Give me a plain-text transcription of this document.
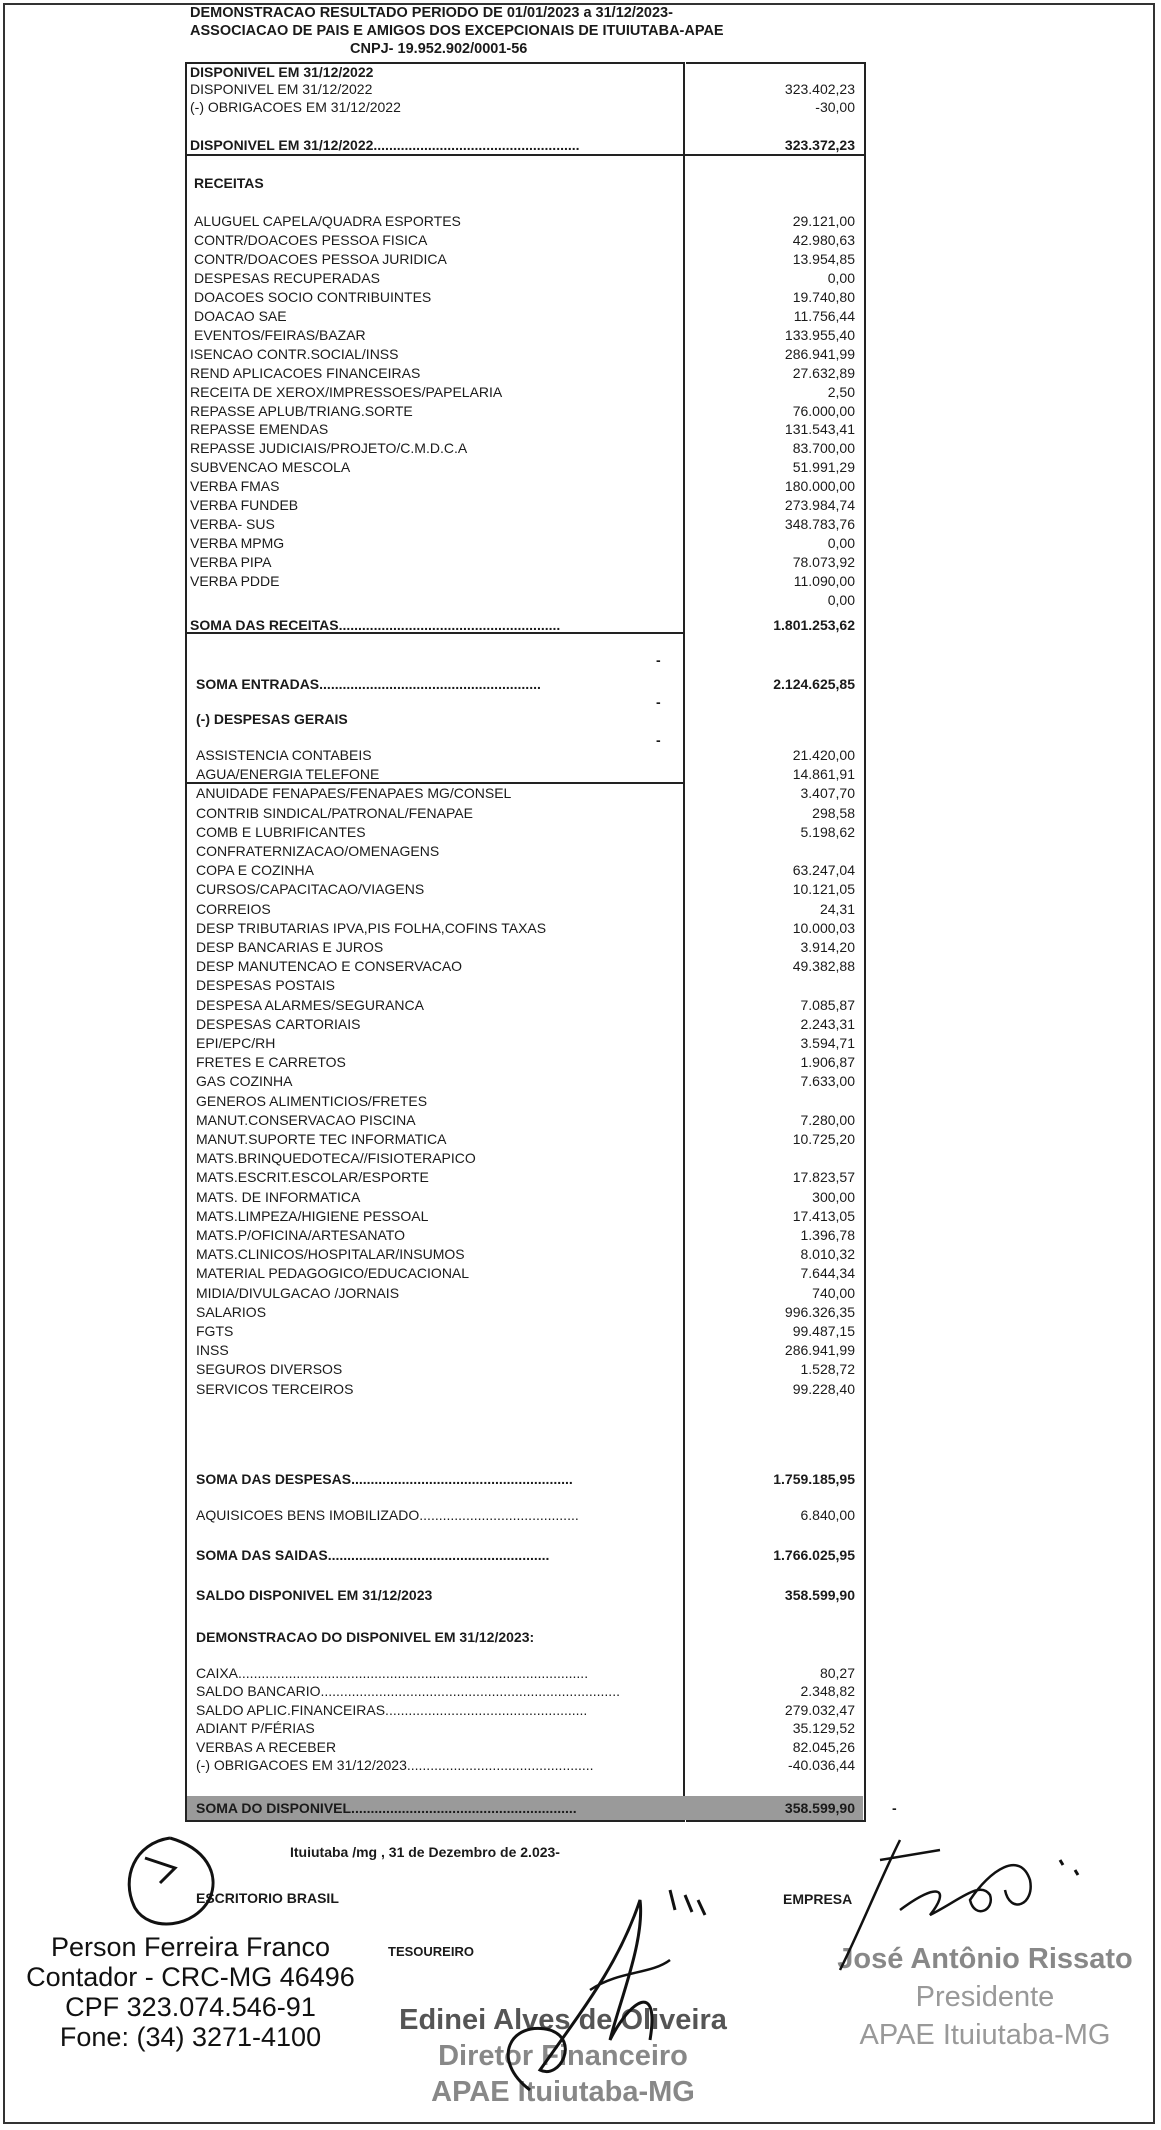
DEMONSTRACAO RESULTADO PERIODO DE 01/01/2023 a 31/12/2023-
ASSOCIACAO DE PAIS E AMIGOS DOS EXCEPCIONAIS DE ITUIUTABA-APAE
CNPJ- 19.952.902/0001-56
DISPONIVEL EM 31/12/2022
DISPONIVEL EM 31/12/2022	323.402,23
(-) OBRIGACOES EM 31/12/2022	-30,00
DISPONIVEL EM 31/12/2022.....................................................	323.372,23
RECEITAS
ALUGUEL CAPELA/QUADRA ESPORTES	29.121,00
CONTR/DOACOES PESSOA FISICA	42.980,63
CONTR/DOACOES PESSOA JURIDICA	13.954,85
DESPESAS RECUPERADAS	0,00
DOACOES SOCIO CONTRIBUINTES	19.740,80
DOACAO SAE	11.756,44
EVENTOS/FEIRAS/BAZAR	133.955,40
ISENCAO CONTR.SOCIAL/INSS	286.941,99
REND APLICACOES FINANCEIRAS	27.632,89
RECEITA DE XEROX/IMPRESSOES/PAPELARIA	2,50
REPASSE APLUB/TRIANG.SORTE	76.000,00
REPASSE EMENDAS	131.543,41
REPASSE JUDICIAIS/PROJETO/C.M.D.C.A	83.700,00
SUBVENCAO MESCOLA	51.991,29
VERBA FMAS	180.000,00
VERBA FUNDEB	273.984,74
VERBA- SUS	348.783,76
VERBA MPMG	0,00
VERBA PIPA	78.073,92
VERBA PDDE	11.090,00
0,00
SOMA DAS RECEITAS.........................................................	1.801.253,62
SOMA ENTRADAS.........................................................	2.124.625,85
(-) DESPESAS GERAIS
ASSISTENCIA CONTABEIS	21.420,00
AGUA/ENERGIA TELEFONE	14.861,91
ANUIDADE FENAPAES/FENAPAES MG/CONSEL	3.407,70
CONTRIB SINDICAL/PATRONAL/FENAPAE	298,58
COMB E LUBRIFICANTES	5.198,62
CONFRATERNIZACAO/OMENAGENS
COPA E COZINHA	63.247,04
CURSOS/CAPACITACAO/VIAGENS	10.121,05
CORREIOS	24,31
DESP TRIBUTARIAS IPVA,PIS FOLHA,COFINS TAXAS	10.000,03
DESP BANCARIAS E JUROS	3.914,20
DESP MANUTENCAO E CONSERVACAO	49.382,88
DESPESAS POSTAIS
DESPESA ALARMES/SEGURANCA	7.085,87
DESPESAS CARTORIAIS	2.243,31
EPI/EPC/RH	3.594,71
FRETES E CARRETOS	1.906,87
GAS COZINHA	7.633,00
GENEROS ALIMENTICIOS/FRETES
MANUT.CONSERVACAO PISCINA	7.280,00
MANUT.SUPORTE TEC INFORMATICA	10.725,20
MATS.BRINQUEDOTECA//FISIOTERAPICO
MATS.ESCRIT.ESCOLAR/ESPORTE	17.823,57
MATS. DE INFORMATICA	300,00
MATS.LIMPEZA/HIGIENE PESSOAL	17.413,05
MATS.P/OFICINA/ARTESANATO	1.396,78
MATS.CLINICOS/HOSPITALAR/INSUMOS	8.010,32
MATERIAL PEDAGOGICO/EDUCACIONAL	7.644,34
MIDIA/DIVULGACAO /JORNAIS	740,00
SALARIOS	996.326,35
FGTS	99.487,15
INSS	286.941,99
SEGUROS DIVERSOS	1.528,72
SERVICOS TERCEIROS	99.228,40
SOMA DAS DESPESAS.........................................................	1.759.185,95
AQUISICOES BENS IMOBILIZADO.........................................	6.840,00
SOMA DAS SAIDAS.........................................................	1.766.025,95
SALDO DISPONIVEL EM 31/12/2023	358.599,90
DEMONSTRACAO DO DISPONIVEL EM 31/12/2023:
CAIXA..........................................................................................	80,27
SALDO BANCARIO.............................................................................	2.348,82
SALDO APLIC.FINANCEIRAS....................................................	279.032,47
ADIANT P/FÉRIAS	35.129,52
VERBAS A RECEBER	82.045,26
(-) OBRIGACOES EM 31/12/2023................................................	-40.036,44
SOMA DO DISPONIVEL..........................................................	358.599,90
-
-
-
-
Ituiutaba /mg , 31 de Dezembro de 2.023-
ESCRITORIO BRASIL	EMPRESA
TESOUREIRO
Person Ferreira Franco
Contador - CRC-MG 46496
CPF 323.074.546-91
Fone: (34) 3271-4100
Edinei Alves de Oliveira
Diretor Financeiro
APAE Ituiutaba-MG
José Antônio Rissato
Presidente
APAE Ituiutaba-MG
